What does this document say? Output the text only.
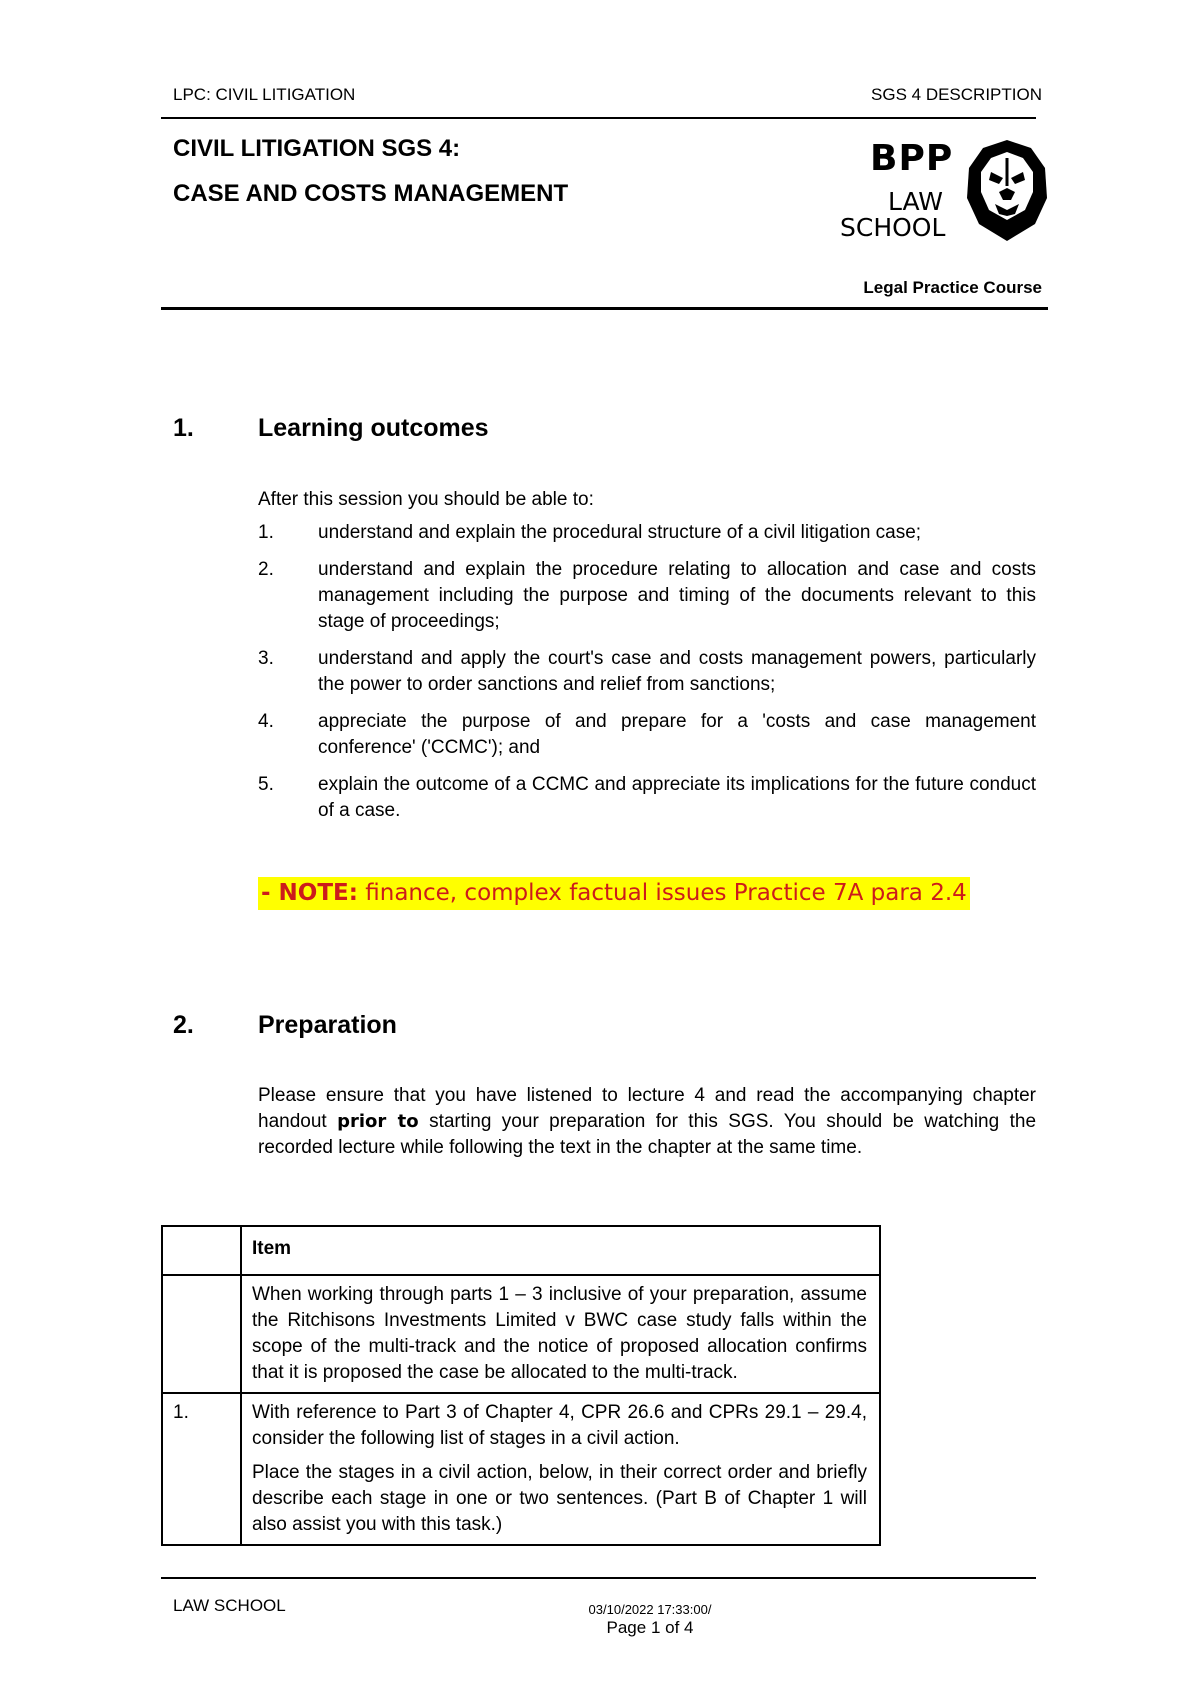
LPC: CIVIL LITIGATION	SGS 4 DESCRIPTION
CIVIL LITIGATION SGS 4:
CASE AND COSTS MANAGEMENT
BPP
LAW
SCHOOL
Legal Practice Course
1.	Learning outcomes
After this session you should be able to:
1.	understand and explain the procedural structure of a civil litigation case;
2.	understand and explain the procedure relating to allocation and case and costs management including the purpose and timing of the documents relevant to this stage of proceedings;
3.	understand and apply the court's case and costs management powers, particularly the power to order sanctions and relief from sanctions;
4.	appreciate the purpose of and prepare for a 'costs and case management conference' ('CCMC'); and
5.	explain the outcome of a CCMC and appreciate its implications for the future conduct of a case.
- NOTE: finance, complex factual issues Practice 7A para 2.4
2.	Preparation
Please ensure that you have listened to lecture 4 and read the accompanying chapter handout prior to starting your preparation for this SGS. You should be watching the recorded lecture while following the text in the chapter at the same time.
	Item
	When working through parts 1 – 3 inclusive of your preparation, assume the Ritchisons Investments Limited v BWC case study falls within the scope of the multi-track and the notice of proposed allocation confirms that it is proposed the case be allocated to the multi-track.
1.	With reference to Part 3 of Chapter 4, CPR 26.6 and CPRs 29.1 – 29.4, consider the following list of stages in a civil action.

Place the stages in a civil action, below, in their correct order and briefly describe each stage in one or two sentences. (Part B of Chapter 1 will also assist you with this task.)

LAW SCHOOL	03/10/2022 17:33:00/
Page 1 of 4
